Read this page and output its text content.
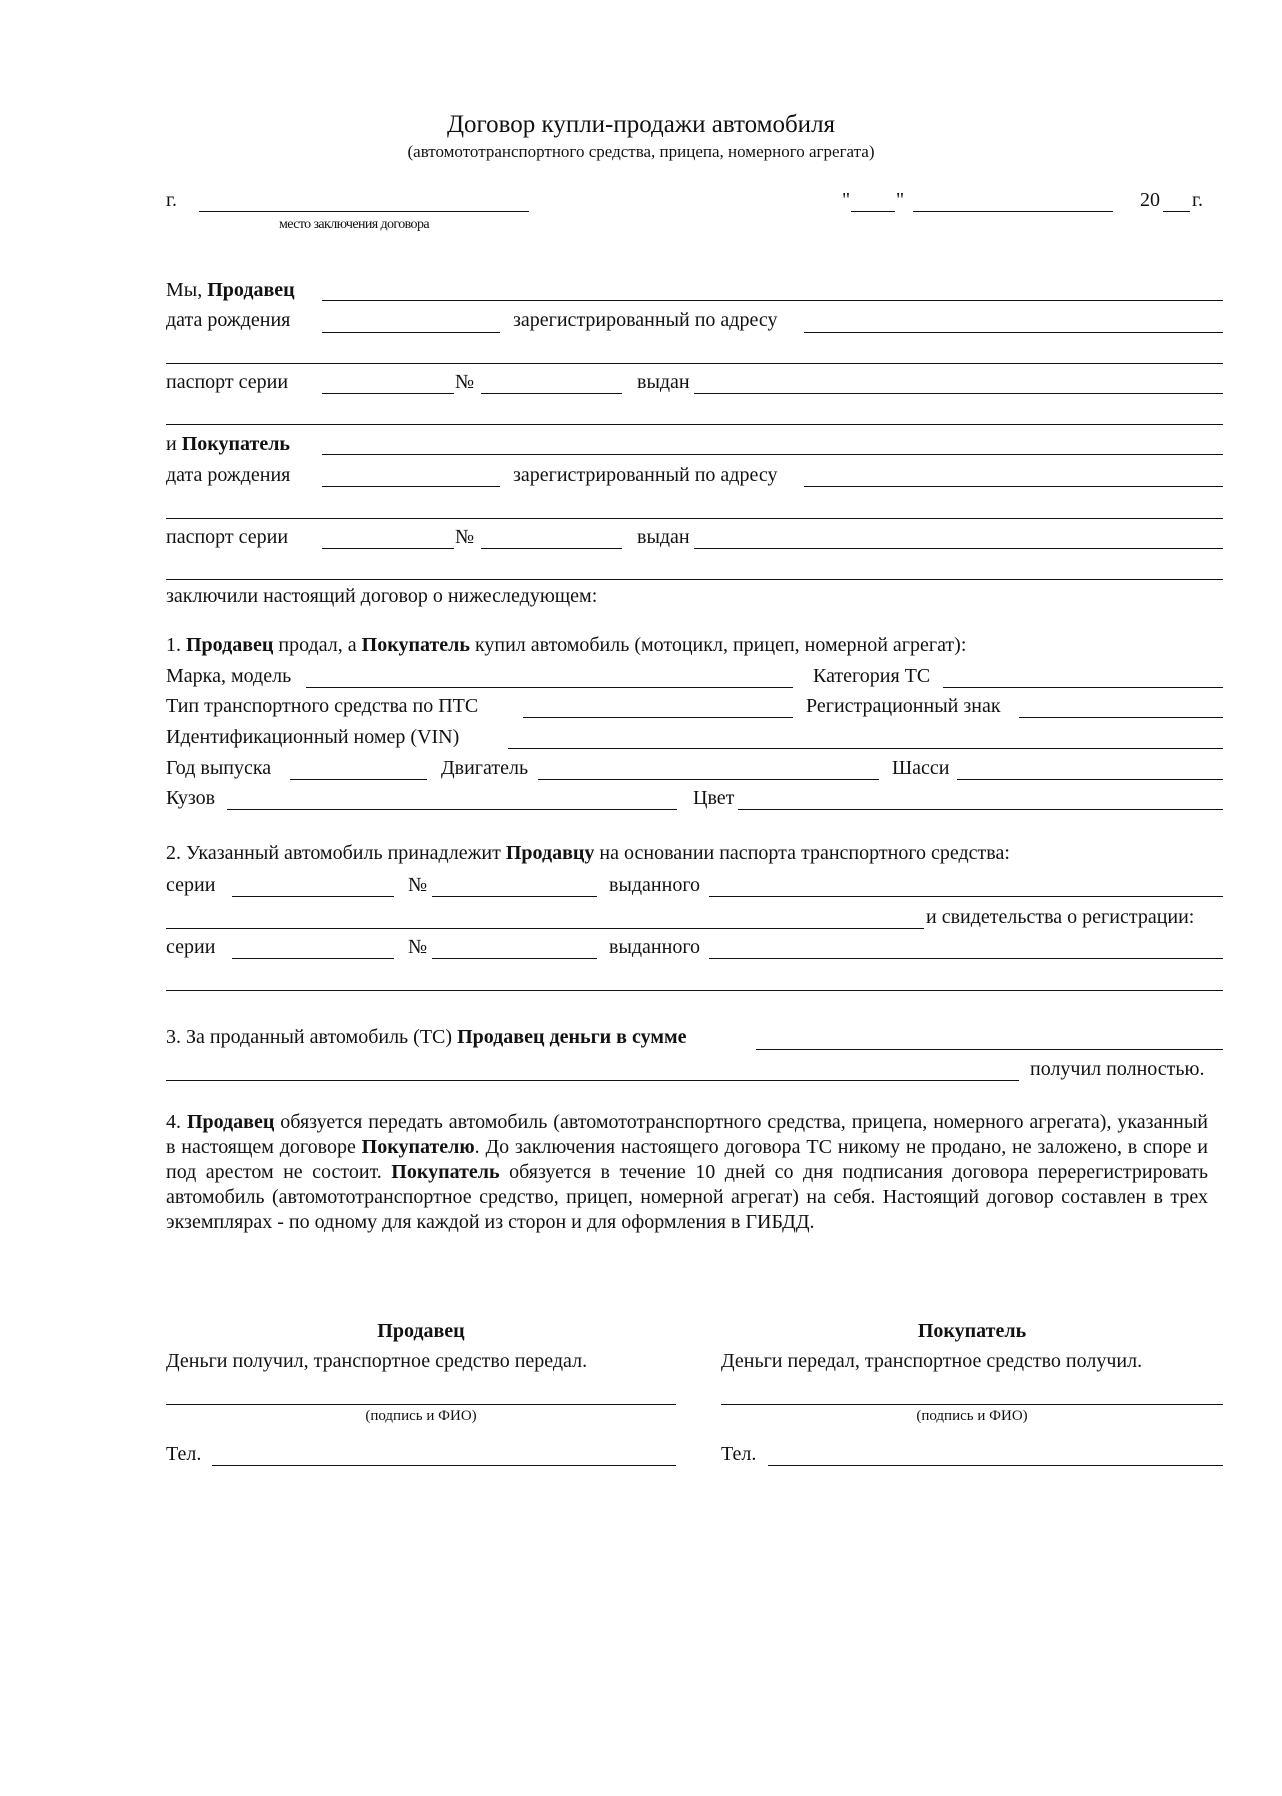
Договор купли-продажи автомобиля
(автомототранспортного средства, прицепа, номерного агрегата)
г.
место заключения договора
" "	20 г.
Мы, Продавец
дата рождения	зарегистрированный по адресу
паспорт серии	№	выдан
и Покупатель
дата рождения	зарегистрированный по адресу
паспорт серии	№	выдан
заключили настоящий договор о нижеследующем:
1. Продавец продал, а Покупатель купил автомобиль (мотоцикл, прицеп, номерной агрегат):
Марка, модель	Категория ТС
Тип транспортного средства по ПТС	Регистрационный знак
Идентификационный номер (VIN)
Год выпуска	Двигатель	Шасси
Кузов	Цвет
2. Указанный автомобиль принадлежит Продавцу на основании паспорта транспортного средства:
серии	№	выданного
и свидетельства о регистрации:
серии	№	выданного
3. За проданный автомобиль (ТС) Продавец деньги в сумме
получил полностью.
4. Продавец обязуется передать автомобиль (автомототранспортного средства, прицепа, номерного агрегата), указанный в настоящем договоре Покупателю. До заключения настоящего договора ТС никому не продано, не заложено, в споре и под арестом не состоит. Покупатель обязуется в течение 10 дней со дня подписания договора перерегистрировать автомобиль (автомототранспортное средство, прицеп, номерной агрегат) на себя. Настоящий договор составлен в трех экземплярах - по одному для каждой из сторон и для оформления в ГИБДД.
Продавец
Деньги получил, транспортное средство передал.
(подпись и ФИО)
Тел.
Покупатель
Деньги передал, транспортное средство получил.
(подпись и ФИО)
Тел.
